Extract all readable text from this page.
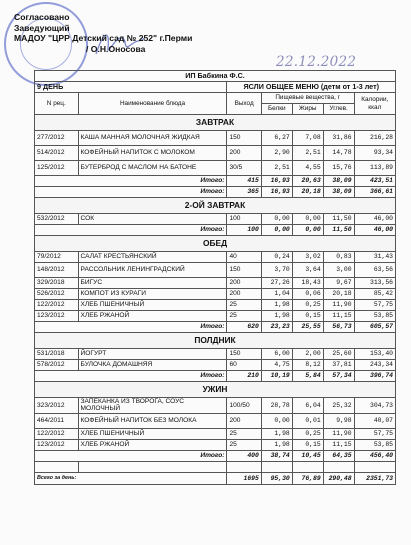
Согласовано
Заведующий
МАДОУ "ЦРР Детский сад № 252" г.Перми
/ О.Н.Оносова
22.12.2022
ИП Бабкина Ф.С.						
9 ДЕНЬ		ЯСЛИ ОБЩЕЕ МЕНЮ (детм от 1-3 лет)				
N рец.	Наименование блюда	Выход	Пищевые вещества, г			Калории, ккал
			Белки	Жиры	Углев.	
ЗАВТРАК						
277/2012	КАША МАННАЯ МОЛОЧНАЯ ЖИДКАЯ	150	6,27	7,08	31,86	216,28
514/2012	КОФЕЙНЫЙ НАПИТОК С МОЛОКОМ	200	2,90	2,51	14,78	93,34
125/2012	БУТЕРБРОД С МАСЛОМ НА БАТОНЕ	30/5	2,51	4,55	15,76	113,89
Итого:		415	16,93	20,63	38,09	423,51
Итого:		365	16,93	20,18	38,09	366,61
2-ОЙ ЗАВТРАК						
532/2012	СОК	100	0,00	0,00	11,50	46,00
Итого:		100	0,00	0,00	11,50	46,00
ОБЕД						
79/2012	САЛАТ КРЕСТЬЯНСКИЙ	40	0,24	3,02	0,83	31,43
148/2012	РАССОЛЬНИК ЛЕНИНГРАДСКИЙ	150	3,70	3,64	3,00	63,56
329/2018	БИГУС	200	27,26	18,43	9,67	313,56
526/2012	КОМПОТ ИЗ КУРАГИ	200	1,04	0,06	20,18	85,42
122/2012	ХЛЕБ ПШЕНИЧНЫЙ	25	1,98	0,25	11,90	57,75
123/2012	ХЛЕБ РЖАНОЙ	25	1,98	0,15	11,15	53,85
Итого:		620	23,23	25,55	56,73	605,57
ПОЛДНИК						
531/2018	ЙОГУРТ	150	6,00	2,00	25,60	153,40
578/2012	БУЛОЧКА ДОМАШНЯЯ	60	4,75	8,12	37,81	243,34
Итого:		210	10,19	5,84	57,34	396,74
УЖИН						
323/2012	ЗАПЕКАНКА ИЗ ТВОРОГА, СОУС МОЛОЧНЫЙ	100/50	28,78	6,04	25,32	304,73
464/2011	КОФЕЙНЫЙ НАПИТОК БЕЗ МОЛОКА	200	0,00	0,01	9,98	40,07
122/2012	ХЛЕБ ПШЕНИЧНЫЙ	25	1,98	0,25	11,90	57,75
123/2012	ХЛЕБ РЖАНОЙ	25	1,98	0,15	11,15	53,85
Итого:		400	38,74	10,45	64,35	456,40

Всего за день:		1695	95,30	76,89	290,48	2351,73
